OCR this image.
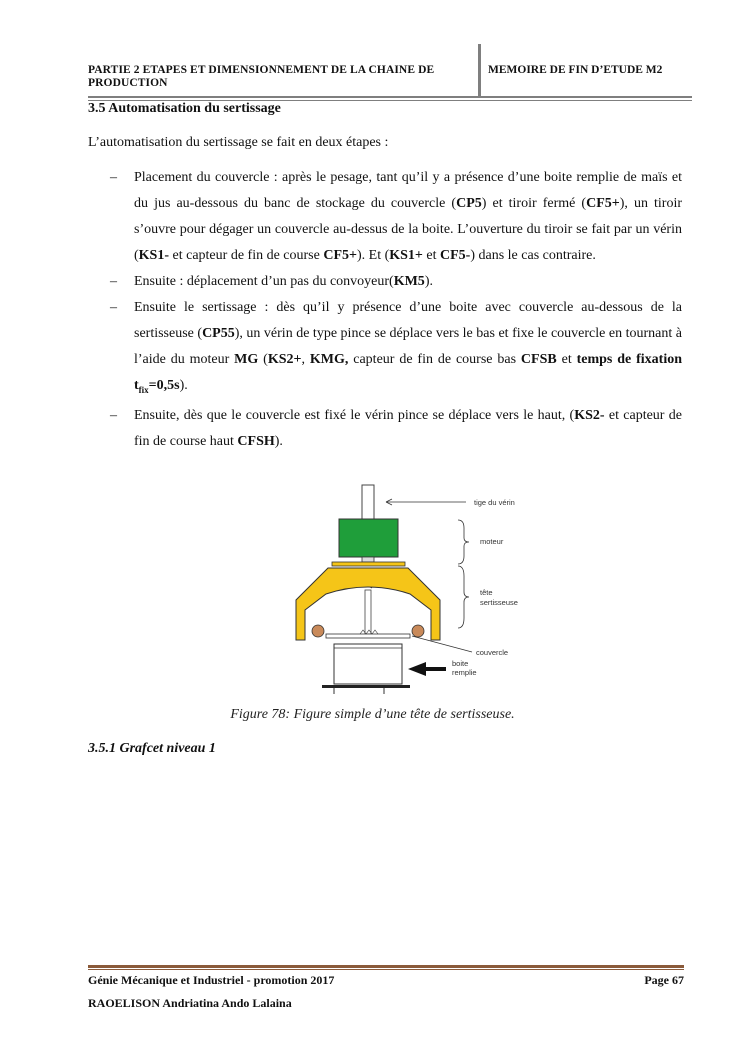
PARTIE 2 ETAPES ET DIMENSIONNEMENT DE LA CHAINE DE PRODUCTION
MEMOIRE DE FIN D’ETUDE M2
3.5 Automatisation du sertissage
L’automatisation du sertissage se fait en deux étapes :
– Placement du couvercle : après le pesage, tant qu’il y a présence d’une boite remplie de maïs et du jus au-dessous du banc de stockage du couvercle (CP5) et tiroir fermé (CF5+), un tiroir s’ouvre pour dégager un couvercle au-dessus de la boite. L’ouverture du tiroir se fait par un vérin (KS1- et capteur de fin de course CF5+). Et (KS1+ et CF5-) dans le cas contraire.
– Ensuite : déplacement d’un pas du convoyeur(KM5).
– Ensuite le sertissage : dès qu’il y présence d’une boite avec couvercle au-dessous de la sertisseuse (CP55), un vérin de type pince se déplace vers le bas et fixe le couvercle en tournant à l’aide du moteur MG (KS2+, KMG, capteur de fin de course bas CFSB et temps de fixation $t_{fix}=0,5s$).
– Ensuite, dès que le couvercle est fixé le vérin pince se déplace vers le haut, (KS2- et capteur de fin de course haut CFSH).
tige du vérin
moteur
tête
sertisseuse
couvercle
boite
remplie
Figure 78: Figure simple d’une tête de sertisseuse.
3.5.1 Grafcet niveau 1
Génie Mécanique et Industriel - promotion 2017	Page 67
RAOELISON Andriatina Ando Lalaina
